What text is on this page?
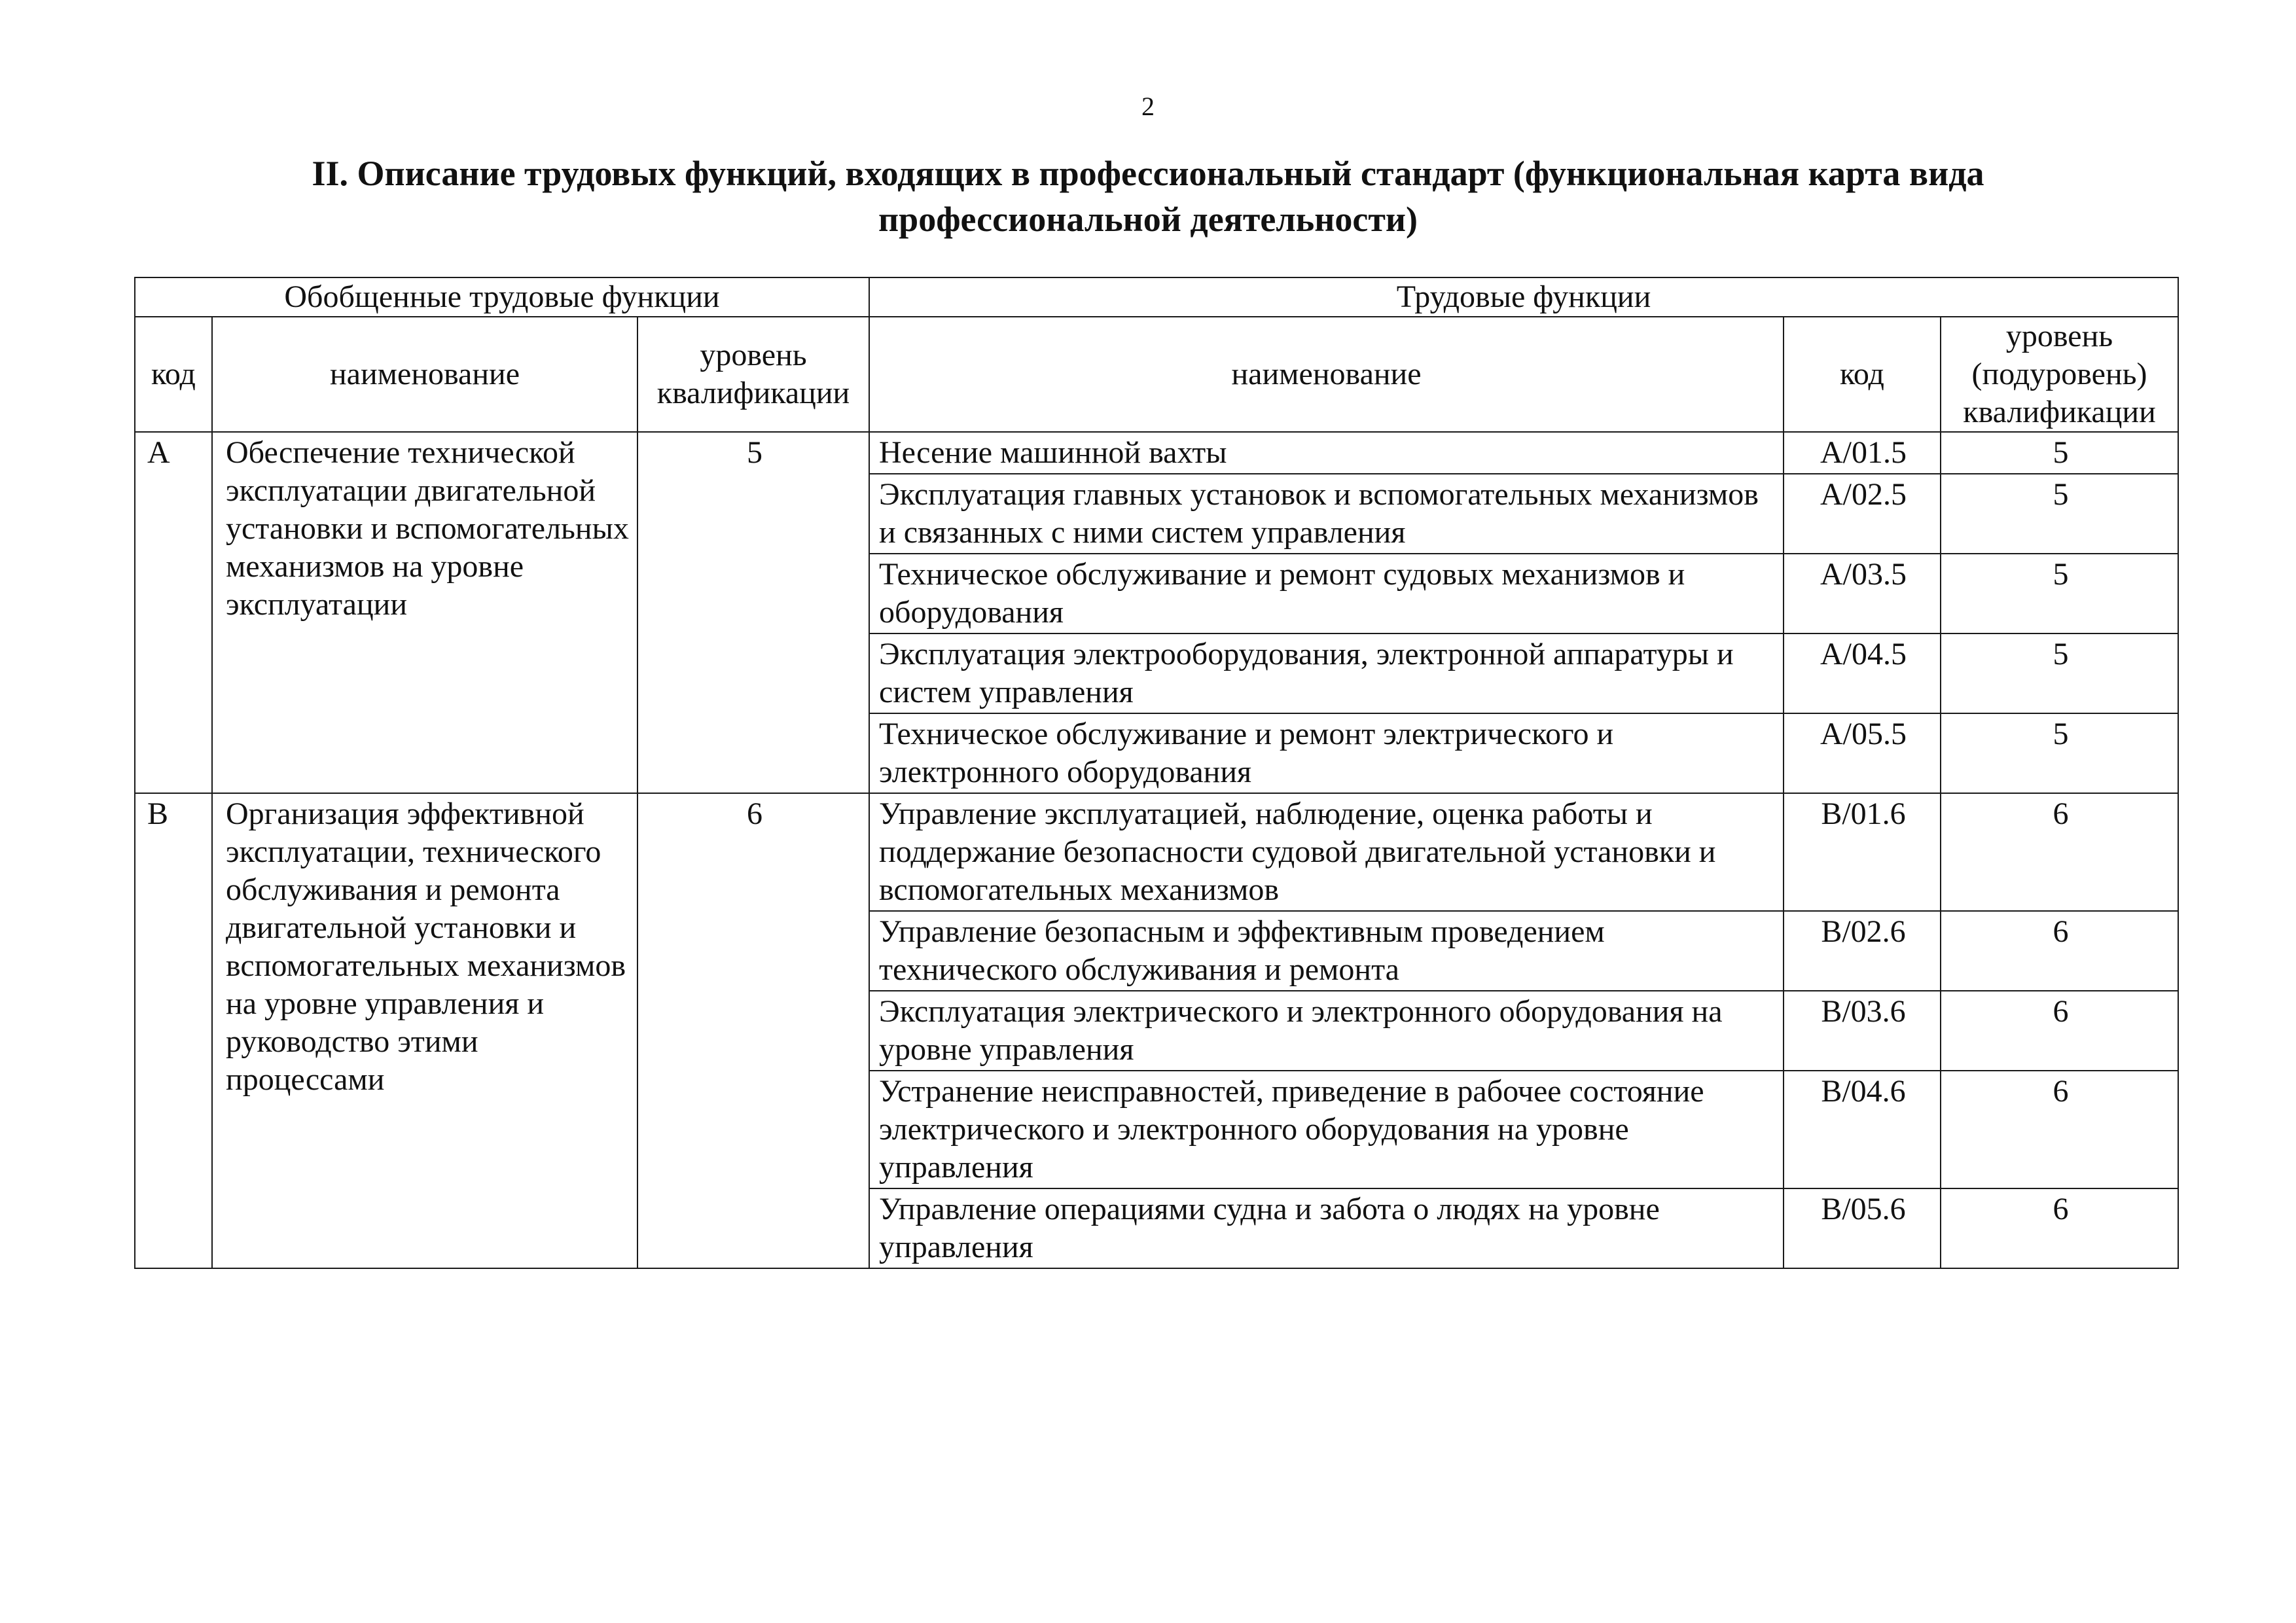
2
II. Описание трудовых функций, входящих в профессиональный стандарт (функциональная карта вида профессиональной деятельности)
Обобщенные трудовые функции			Трудовые функции		
код	наименование	уровень квалификации	наименование	код	уровень (подуровень) квалификации
A	Обеспечение технической эксплуатации двигательной установки и вспомогательных механизмов на уровне эксплуатации	5	Несение машинной вахты	A/01.5	5
			Эксплуатация главных установок и вспомогательных механизмов и связанных с ними систем управления	A/02.5	5
			Техническое обслуживание и ремонт судовых механизмов и оборудования	A/03.5	5
			Эксплуатация электрооборудования, электронной аппаратуры и систем управления	A/04.5	5
			Техническое обслуживание и ремонт электрического и электронного оборудования	A/05.5	5
B	Организация эффективной эксплуатации, технического обслуживания и ремонта двигательной установки и вспомогательных механизмов на уровне управления и руководство этими процессами	6	Управление эксплуатацией, наблюдение, оценка работы и поддержание безопасности судовой двигательной установки и вспомогательных механизмов	B/01.6	6
			Управление безопасным и эффективным проведением технического обслуживания и ремонта	B/02.6	6
			Эксплуатация электрического и электронного оборудования на уровне управления	B/03.6	6
			Устранение неисправностей, приведение в рабочее состояние электрического и электронного оборудования на уровне управления	B/04.6	6
			Управление операциями судна и забота о людях на уровне управления	B/05.6	6
